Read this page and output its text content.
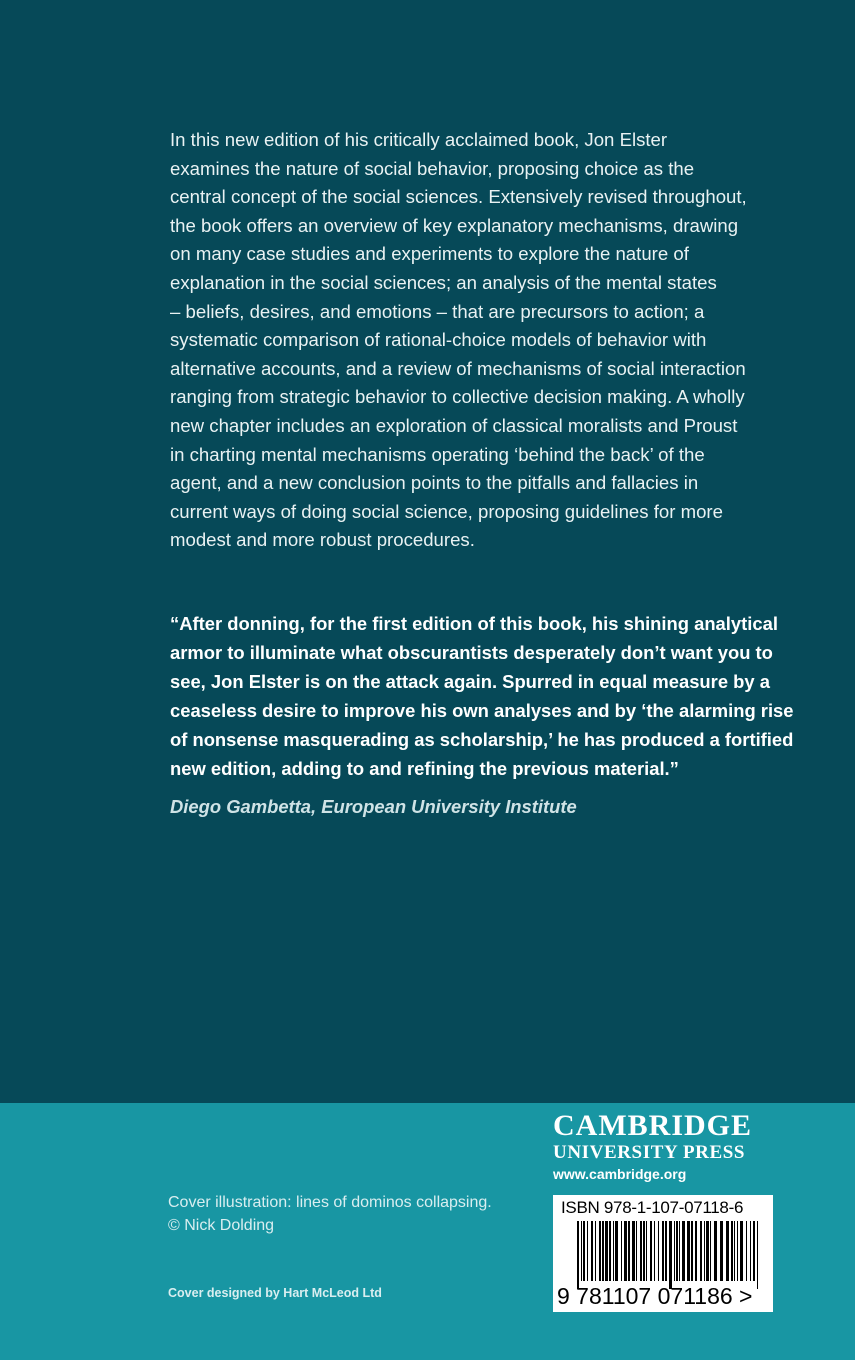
In this new edition of his critically acclaimed book, Jon Elster
examines the nature of social behavior, proposing choice as the
central concept of the social sciences. Extensively revised throughout,
the book offers an overview of key explanatory mechanisms, drawing
on many case studies and experiments to explore the nature of
explanation in the social sciences; an analysis of the mental states
– beliefs, desires, and emotions – that are precursors to action; a
systematic comparison of rational-choice models of behavior with
alternative accounts, and a review of mechanisms of social interaction
ranging from strategic behavior to collective decision making. A wholly
new chapter includes an exploration of classical moralists and Proust
in charting mental mechanisms operating ‘behind the back’ of the
agent, and a new conclusion points to the pitfalls and fallacies in
current ways of doing social science, proposing guidelines for more
modest and more robust procedures.
“After donning, for the first edition of this book, his shining analytical
armor to illuminate what obscurantists desperately don’t want you to
see, Jon Elster is on the attack again. Spurred in equal measure by a
ceaseless desire to improve his own analyses and by ‘the alarming rise
of nonsense masquerading as scholarship,’ he has produced a fortified
new edition, adding to and refining the previous material.”
Diego Gambetta, European University Institute
Cover illustration: lines of dominos collapsing.
© Nick Dolding
Cover designed by Hart McLeod Ltd
CAMBRIDGE
UNIVERSITY PRESS
www.cambridge.org
ISBN 978-1-107-07118-6
9 781107 071186 >
